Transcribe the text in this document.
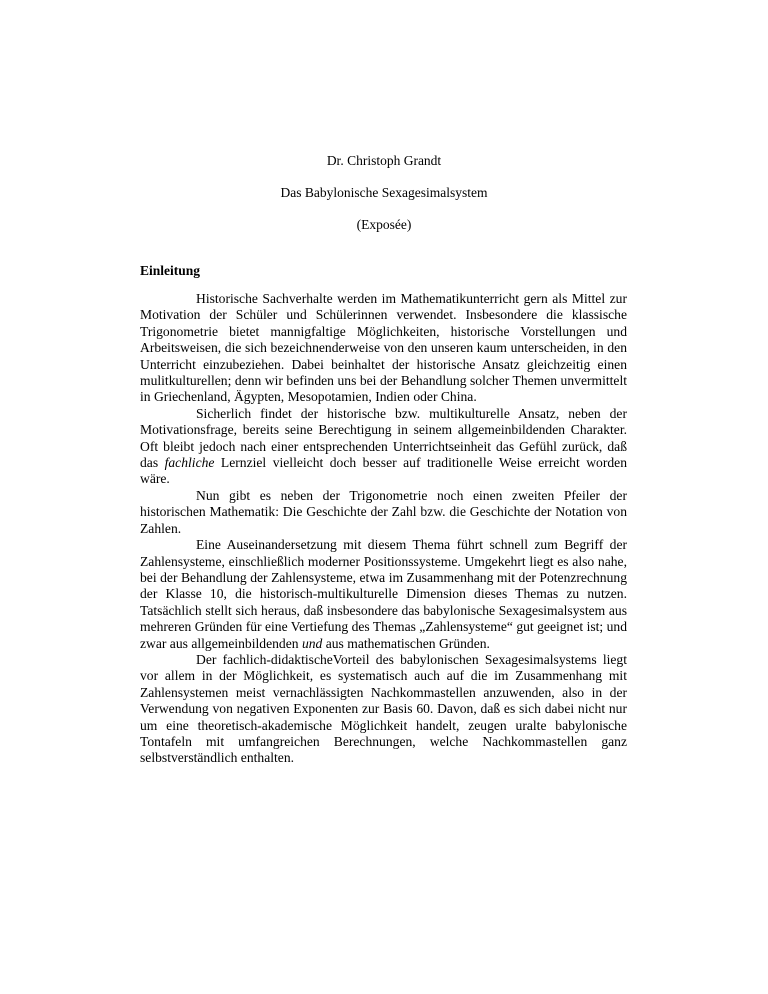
Dr. Christoph Grandt

Das Babylonische Sexagesimalsystem

(Exposée)

Einleitung

Historische Sachverhalte werden im Mathematikunterricht gern als Mittel zur Motivation der Schüler und Schülerinnen verwendet. Insbesondere die klassische Trigonometrie bietet mannigfaltige Möglichkeiten, historische Vorstellungen und Arbeitsweisen, die sich bezeichnenderweise von den unseren kaum unterscheiden, in den Unterricht einzubeziehen. Dabei beinhaltet der historische Ansatz gleichzeitig einen mulitkulturellen; denn wir befinden uns bei der Behandlung solcher Themen unvermittelt in Griechenland, Ägypten, Mesopotamien, Indien oder China.

Sicherlich findet der historische bzw. multikulturelle Ansatz, neben der Motivationsfrage, bereits seine Berechtigung in seinem allgemeinbildenden Charakter. Oft bleibt jedoch nach einer entsprechenden Unterrichtseinheit das Gefühl zurück, daß das fachliche Lernziel vielleicht doch besser auf traditionelle Weise erreicht worden wäre.

Nun gibt es neben der Trigonometrie noch einen zweiten Pfeiler der historischen Mathematik: Die Geschichte der Zahl bzw. die Geschichte der Notation von Zahlen.

Eine Auseinandersetzung mit diesem Thema führt schnell zum Begriff der Zahlensysteme, einschließlich moderner Positionssysteme. Umgekehrt liegt es also nahe, bei der Behandlung der Zahlensysteme, etwa im Zusammenhang mit der Potenzrechnung der Klasse 10, die historisch-multikulturelle Dimension dieses Themas zu nutzen. Tatsächlich stellt sich heraus, daß insbesondere das babylonische Sexagesimalsystem aus mehreren Gründen für eine Vertiefung des Themas „Zahlensysteme“ gut geeignet ist; und zwar aus allgemeinbildenden und aus mathematischen Gründen.

Der fachlich-didaktischeVorteil des babylonischen Sexagesimalsystems liegt vor allem in der Möglichkeit, es systematisch auch auf die im Zusammenhang mit Zahlensystemen meist vernachlässigten Nachkommastellen anzuwenden, also in der Verwendung von negativen Exponenten zur Basis 60. Davon, daß es sich dabei nicht nur um eine theoretisch-akademische Möglichkeit handelt, zeugen uralte babylonische Tontafeln mit umfangreichen Berechnungen, welche Nachkommastellen ganz selbstverständlich enthalten.
